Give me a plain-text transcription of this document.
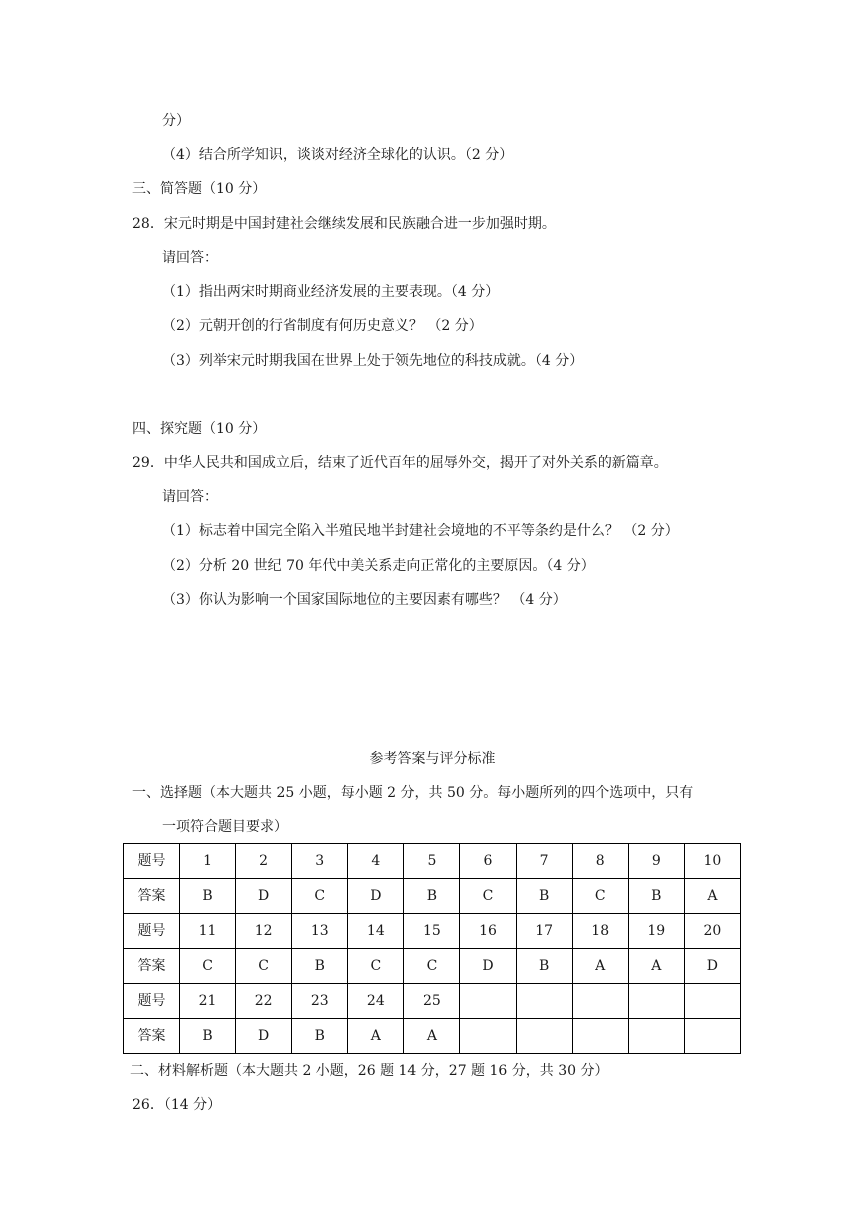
分）
（4）结合所学知识，谈谈对经济全球化的认识。（2 分）
三、简答题（10 分）
28．宋元时期是中国封建社会继续发展和民族融合进一步加强时期。
请回答：
（1）指出两宋时期商业经济发展的主要表现。（4 分）
（2）元朝开创的行省制度有何历史意义？ （2 分）
（3）列举宋元时期我国在世界上处于领先地位的科技成就。（4 分）
四、探究题（10 分）
29．中华人民共和国成立后，结束了近代百年的屈辱外交，揭开了对外关系的新篇章。
请回答：
（1）标志着中国完全陷入半殖民地半封建社会境地的不平等条约是什么？ （2 分）
（2）分析 20 世纪 70 年代中美关系走向正常化的主要原因。（4 分）
（3）你认为影响一个国家国际地位的主要因素有哪些？ （4 分）
参考答案与评分标准
一、选择题（本大题共 25 小题，每小题 2 分，共 50 分。每小题所列的四个选项中，只有
一项符合题目要求）
题号	1	2	3	4	5	6	7	8	9	10
答案	B	D	C	D	B	C	B	C	B	A
题号	11	12	13	14	15	16	17	18	19	20
答案	C	C	B	C	C	D	B	A	A	D
题号	21	22	23	24	25					
答案	B	D	B	A	A					
二、材料解析题（本大题共 2 小题，26 题 14 分，27 题 16 分，共 30 分）
26．（14 分）
